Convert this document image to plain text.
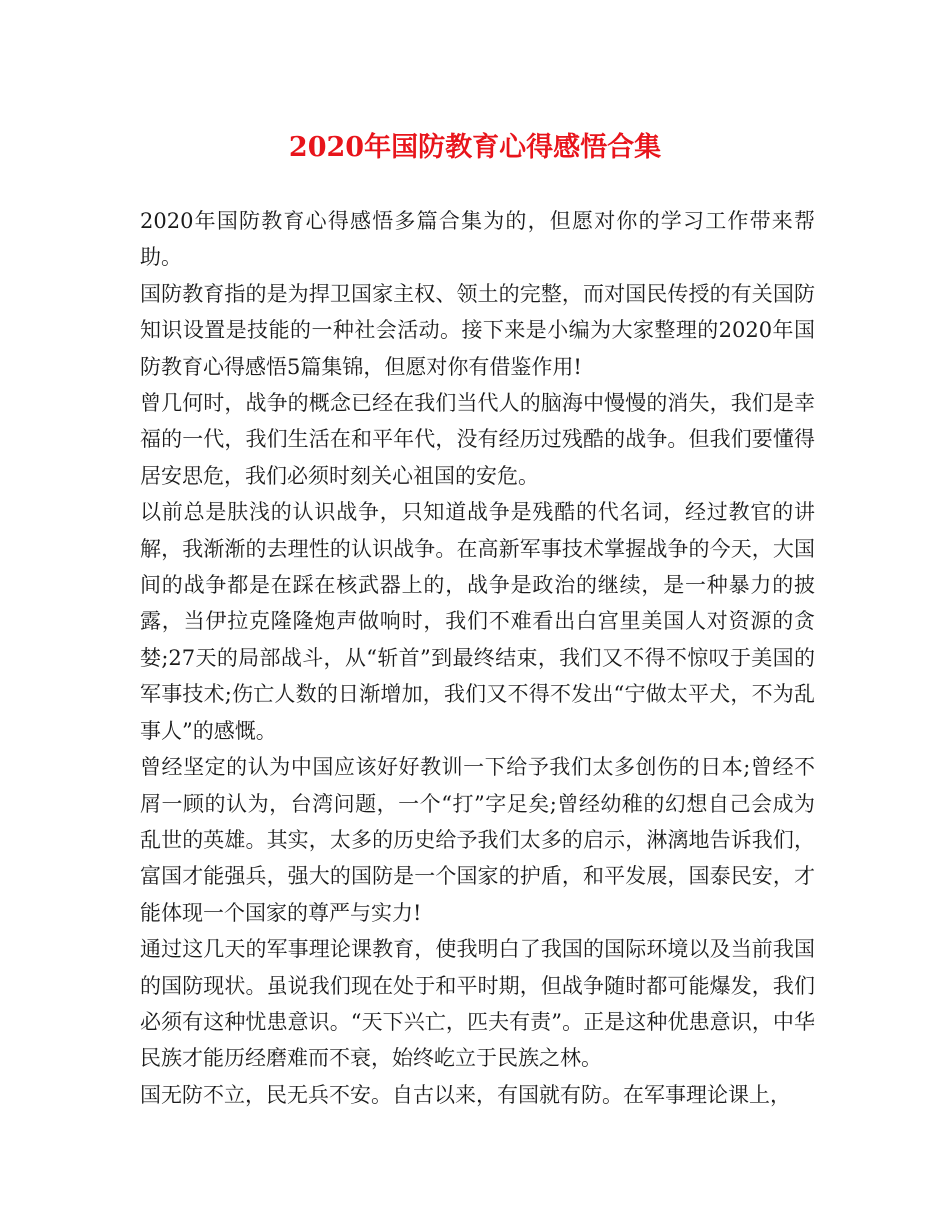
2020年国防教育心得感悟合集

2020年国防教育心得感悟多篇合集为的，但愿对你的学习工作带来帮助。

国防教育指的是为捍卫国家主权、领土的完整，而对国民传授的有关国防知识设置是技能的一种社会活动。接下来是小编为大家整理的2020年国防教育心得感悟5篇集锦，但愿对你有借鉴作用!

曾几何时，战争的概念已经在我们当代人的脑海中慢慢的消失，我们是幸福的一代，我们生活在和平年代，没有经历过残酷的战争。但我们要懂得居安思危，我们必须时刻关心祖国的安危。

以前总是肤浅的认识战争，只知道战争是残酷的代名词，经过教官的讲解，我渐渐的去理性的认识战争。在高新军事技术掌握战争的今天，大国间的战争都是在踩在核武器上的，战争是政治的继续，是一种暴力的披露，当伊拉克隆隆炮声做响时，我们不难看出白宫里美国人对资源的贪婪;27天的局部战斗，从“斩首”到最终结束，我们又不得不惊叹于美国的军事技术;伤亡人数的日渐增加，我们又不得不发出“宁做太平犬，不为乱事人”的感慨。

曾经坚定的认为中国应该好好教训一下给予我们太多创伤的日本;曾经不屑一顾的认为，台湾问题，一个“打”字足矣;曾经幼稚的幻想自己会成为乱世的英雄。其实，太多的历史给予我们太多的启示，淋漓地告诉我们，富国才能强兵，强大的国防是一个国家的护盾，和平发展，国泰民安，才能体现一个国家的尊严与实力!

通过这几天的军事理论课教育，使我明白了我国的国际环境以及当前我国的国防现状。虽说我们现在处于和平时期，但战争随时都可能爆发，我们必须有这种忧患意识。“天下兴亡，匹夫有责”。正是这种优患意识，中华民族才能历经磨难而不衰，始终屹立于民族之林。

国无防不立，民无兵不安。自古以来，有国就有防。在军事理论课上，
